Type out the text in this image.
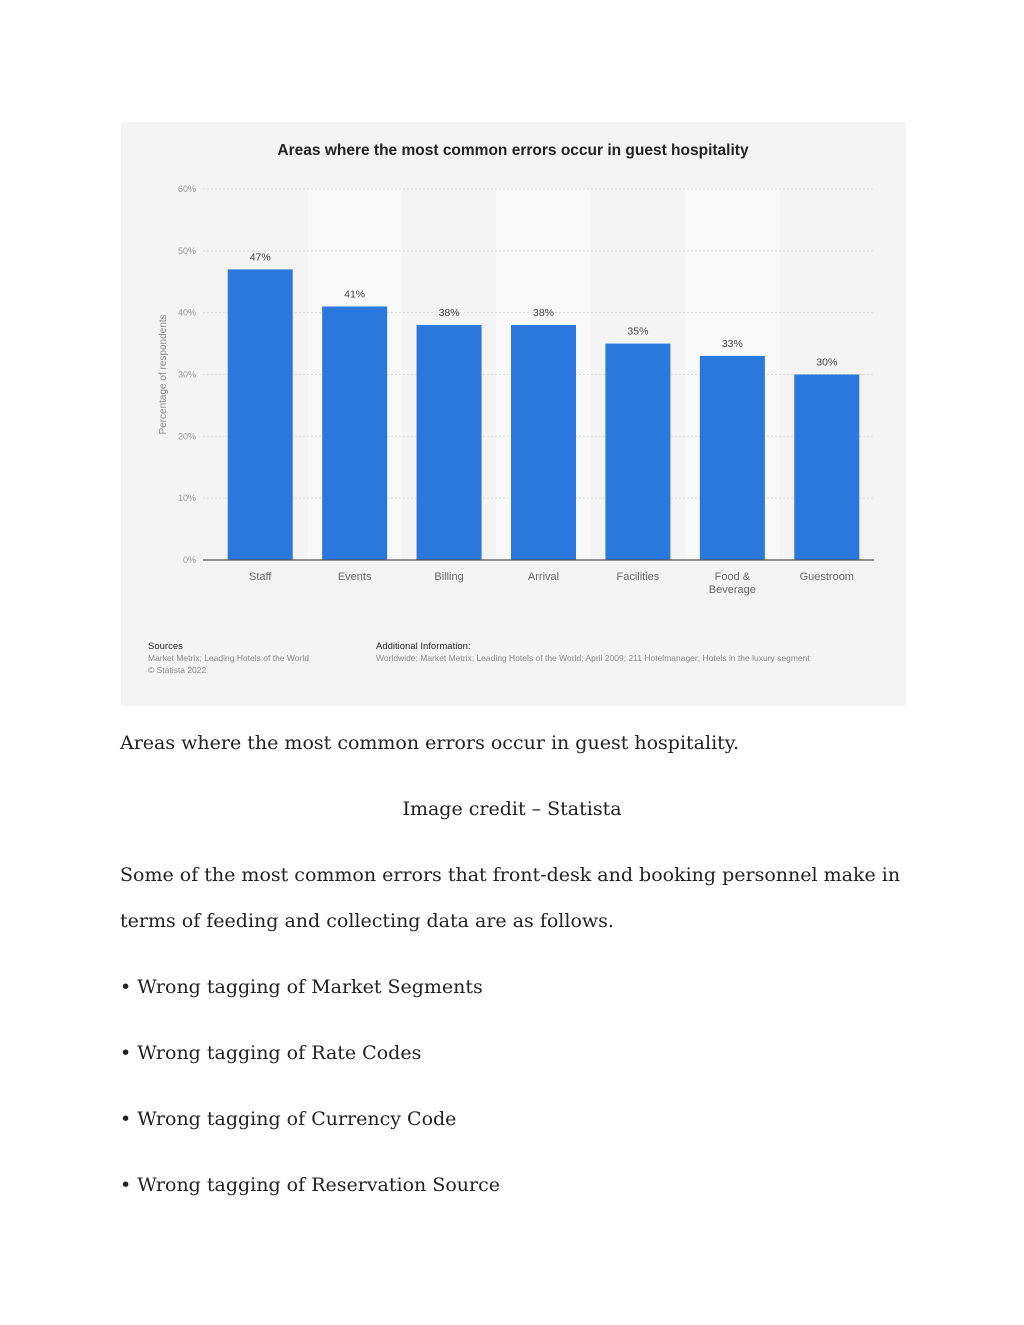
0%
10%
20%
30%
40%
50%
60%
Percentage of respondents
Areas where the most common errors occur in guest hospitality
47%
Staff
41%
Events
38%
Billing
38%
Arrival
35%
Facilities
33%
Food &
Beverage
30%
Guestroom
Sources
Market Metrix; Leading Hotels of the World
© Statista 2022
Additional Information:
Worldwide; Market Metrix; Leading Hotels of the World; April 2009; 211 Hotelmanager; Hotels in the luxury segment

Areas where the most common errors occur in guest hospitality.

Image credit – Statista

Some of the most common errors that front-desk and booking personnel make in

terms of feeding and collecting data are as follows.

• Wrong tagging of Market Segments

• Wrong tagging of Rate Codes

• Wrong tagging of Currency Code

• Wrong tagging of Reservation Source
